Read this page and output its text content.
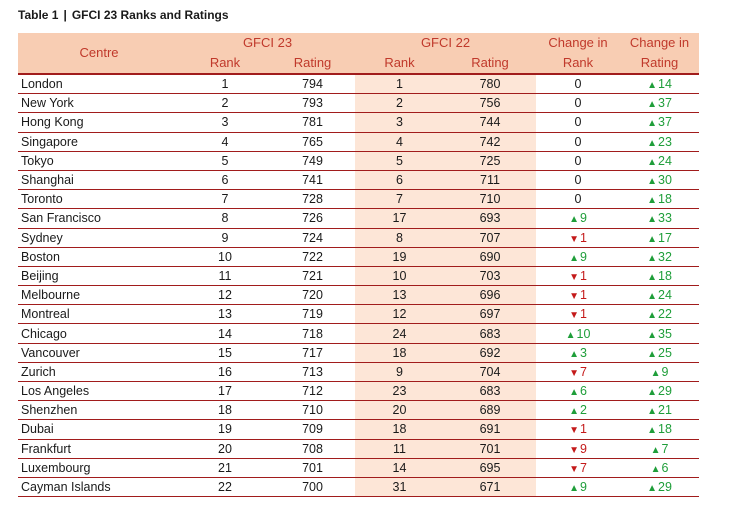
Table 1 | GFCI 23 Ranks and Ratings
Centre	GFCI 23		GFCI 22		Change in	Change in
	Rank	Rating	Rank	Rating	Rank	Rating
London	1	794	1	780	0	▲14
New York	2	793	2	756	0	▲37
Hong Kong	3	781	3	744	0	▲37
Singapore	4	765	4	742	0	▲23
Tokyo	5	749	5	725	0	▲24
Shanghai	6	741	6	711	0	▲30
Toronto	7	728	7	710	0	▲18
San Francisco	8	726	17	693	▲9	▲33
Sydney	9	724	8	707	▼1	▲17
Boston	10	722	19	690	▲9	▲32
Beijing	11	721	10	703	▼1	▲18
Melbourne	12	720	13	696	▼1	▲24
Montreal	13	719	12	697	▼1	▲22
Chicago	14	718	24	683	▲10	▲35
Vancouver	15	717	18	692	▲3	▲25
Zurich	16	713	9	704	▼7	▲9
Los Angeles	17	712	23	683	▲6	▲29
Shenzhen	18	710	20	689	▲2	▲21
Dubai	19	709	18	691	▼1	▲18
Frankfurt	20	708	11	701	▼9	▲7
Luxembourg	21	701	14	695	▼7	▲6
Cayman Islands	22	700	31	671	▲9	▲29
